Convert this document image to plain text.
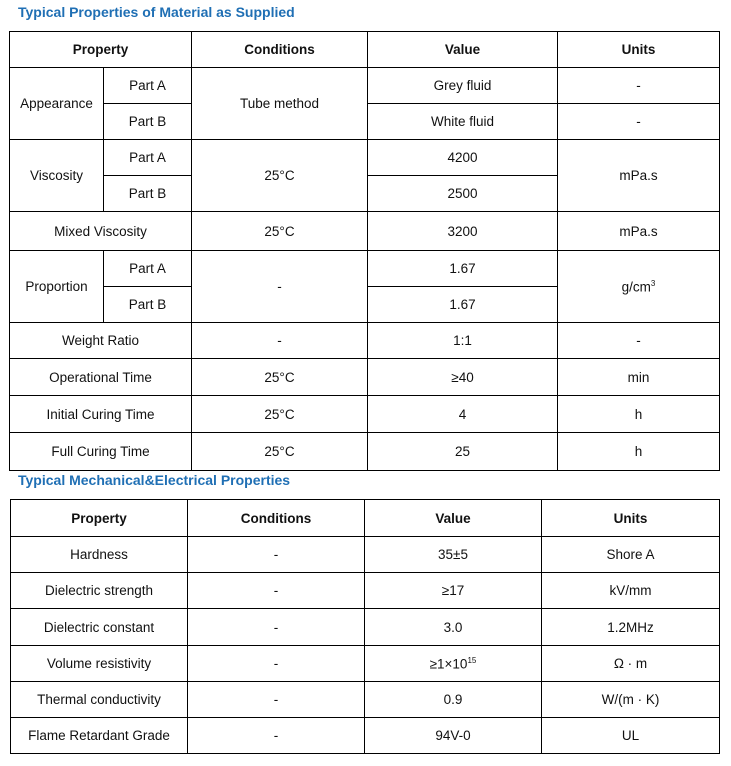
Typical Properties of Material as Supplied
Property		Conditions	Value	Units
Appearance	Part A	Tube method	Grey fluid	-
	Part B		White fluid	-
Viscosity	Part A	25°C	4200	mPa.s
	Part B		2500	
Mixed Viscosity		25°C	3200	mPa.s
Proportion	Part A	-	1.67	$g/cm^3$
	Part B		1.67	
Weight Ratio		-	1:1	-
Operational Time		25°C	≥40	min
Initial Curing Time		25°C	4	h
Full Curing Time		25°C	25	h
Typical Mechanical&Electrical Properties
Property	Conditions	Value	Units
Hardness	-	35±5	Shore A
Dielectric strength	-	≥17	kV/mm
Dielectric constant	-	3.0	1.2MHz
Volume resistivity	-	$\ge 1\times 10^{15}$	Ω · m
Thermal conductivity	-	0.9	W/(m · K)
Flame Retardant Grade	-	94V-0	UL
